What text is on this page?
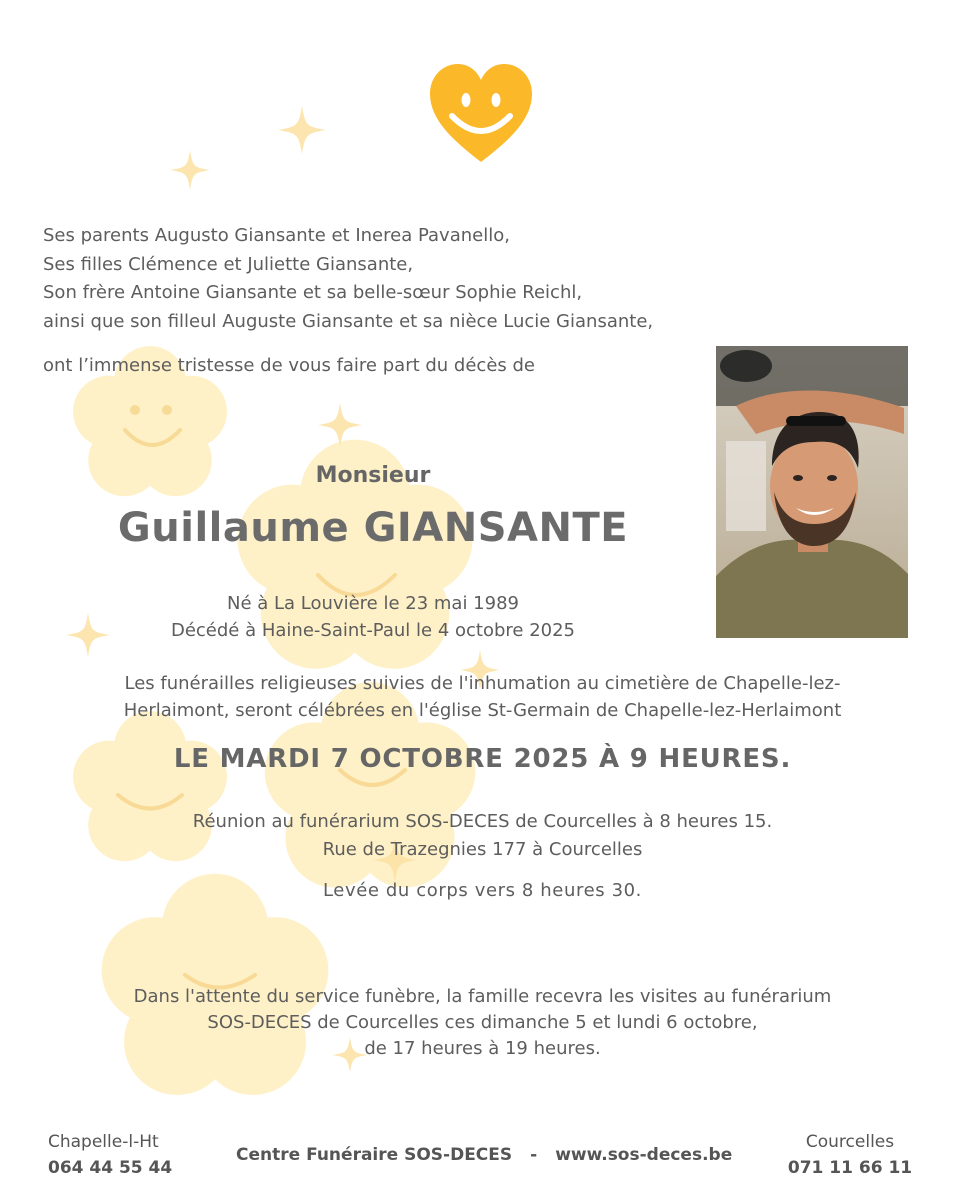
Ses parents Augusto Giansante et Inerea Pavanello,
Ses filles Clémence et Juliette Giansante,
Son frère Antoine Giansante et sa belle-sœur Sophie Reichl,
ainsi que son filleul Auguste Giansante et sa nièce Lucie Giansante,
ont l’immense tristesse de vous faire part du décès de
Monsieur
Guillaume GIANSANTE
Né à La Louvière le 23 mai 1989
Décédé à Haine-Saint-Paul le 4 octobre 2025
Les funérailles religieuses suivies de l'inhumation au cimetière de Chapelle-lez-
Herlaimont, seront célébrées en l'église St-Germain de Chapelle-lez-Herlaimont
LE MARDI 7 OCTOBRE 2025 À 9 HEURES.
Réunion au funérarium SOS-DECES de Courcelles à 8 heures 15.
Rue de Trazegnies 177 à Courcelles
Levée du corps vers 8 heures 30.
Dans l'attente du service funèbre, la famille recevra les visites au funérarium
SOS-DECES de Courcelles ces dimanche 5 et lundi 6 octobre,
de 17 heures à 19 heures.
Chapelle-l-Ht
064 44 55 44
Centre Funéraire SOS-DECES - www.sos-deces.be
Courcelles
071 11 66 11
